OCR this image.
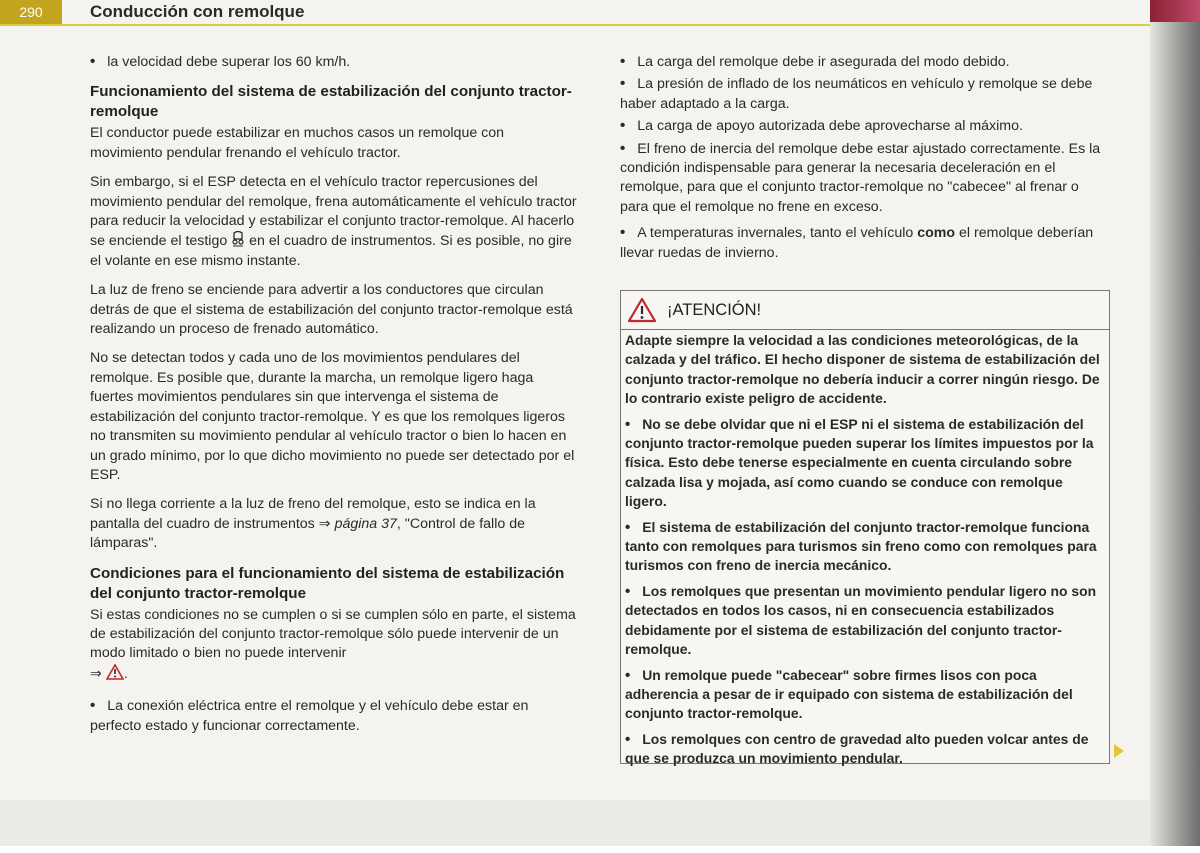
290	Conducción con remolque

• la velocidad debe superar los 60 km/h.

Funcionamiento del sistema de estabilización del conjunto tractor-remolque

El conductor puede estabilizar en muchos casos un remolque con movimiento pendular frenando el vehículo tractor.

Sin embargo, si el ESP detecta en el vehículo tractor repercusiones del movimiento pendular del remolque, frena automáticamente el vehículo tractor para reducir la velocidad y estabilizar el conjunto tractor-remolque. Al hacerlo se enciende el testigo en el cuadro de instrumentos. Si es posible, no gire el volante en ese mismo instante.

La luz de freno se enciende para advertir a los conductores que circulan detrás de que el sistema de estabilización del conjunto tractor-remolque está realizando un proceso de frenado automático.

No se detectan todos y cada uno de los movimientos pendulares del remolque. Es posible que, durante la marcha, un remolque ligero haga fuertes movimientos pendulares sin que intervenga el sistema de estabilización del conjunto tractor-remolque. Y es que los remolques ligeros no transmiten su movimiento pendular al vehículo tractor o bien lo hacen en un grado mínimo, por lo que dicho movimiento no puede ser detectado por el ESP.

Si no llega corriente a la luz de freno del remolque, esto se indica en la pantalla del cuadro de instrumentos ⇒ página 37, "Control de fallo de lámparas".

Condiciones para el funcionamiento del sistema de estabilización del conjunto tractor-remolque

Si estas condiciones no se cumplen o si se cumplen sólo en parte, el sistema de estabilización del conjunto tractor-remolque sólo puede intervenir de un modo limitado o bien no puede intervenir
⇒ .

• La conexión eléctrica entre el remolque y el vehículo debe estar en perfecto estado y funcionar correctamente.

• La carga del remolque debe ir asegurada del modo debido.

• La presión de inflado de los neumáticos en vehículo y remolque se debe haber adaptado a la carga.

• La carga de apoyo autorizada debe aprovecharse al máximo.

• El freno de inercia del remolque debe estar ajustado correctamente. Es la condición indispensable para generar la necesaria deceleración en el remolque, para que el conjunto tractor-remolque no "cabecee" al frenar o para que el remolque no frene en exceso.

• A temperaturas invernales, tanto el vehículo como el remolque deberían llevar ruedas de invierno.

¡ATENCIÓN!

Adapte siempre la velocidad a las condiciones meteorológicas, de la calzada y del tráfico. El hecho disponer de sistema de estabilización del conjunto tractor-remolque no debería inducir a correr ningún riesgo. De lo contrario existe peligro de accidente.

• No se debe olvidar que ni el ESP ni el sistema de estabilización del conjunto tractor-remolque pueden superar los límites impuestos por la física. Esto debe tenerse especialmente en cuenta circulando sobre calzada lisa y mojada, así como cuando se conduce con remolque ligero.

• El sistema de estabilización del conjunto tractor-remolque funciona tanto con remolques para turismos sin freno como con remolques para turismos con freno de inercia mecánico.

• Los remolques que presentan un movimiento pendular ligero no son detectados en todos los casos, ni en consecuencia estabilizados debidamente por el sistema de estabilización del conjunto tractor-remolque.

• Un remolque puede "cabecear" sobre firmes lisos con poca adherencia a pesar de ir equipado con sistema de estabilización del conjunto tractor-remolque.

• Los remolques con centro de gravedad alto pueden volcar antes de que se produzca un movimiento pendular.
